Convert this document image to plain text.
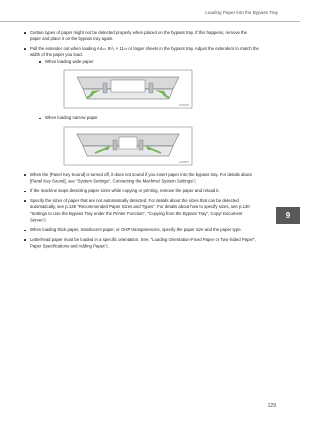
Loading Paper into the Bypass Tray
Certain types of paper might not be detected properly when placed on the bypass tray. If this happens, remove the paper and place it on the bypass tray again.
Pull the extender out when loading A4▱, 8¹/₂ × 11▱ or larger sheets in the bypass tray. Adjust the extenders to match the width of the paper you load.
When loading wide paper
CGH178
When loading narrow paper
CGH179
When the [Panel Key Sound] is turned off, it does not sound if you insert paper into the bypass tray. For details about [Panel Key Sound], see "System Settings", Connecting the Machine/ System Settings◫.
If the machine stops detecting paper sizes while copying or printing, remove the paper and reload it.
Specify the sizes of paper that are not automatically detected. For details about the sizes that can be detected automatically, see p.135 "Recommended Paper Sizes and Types". For details about how to specify sizes, see p.130 "Settings to Use the Bypass Tray under the Printer Function", "Copying from the Bypass Tray", Copy/ Document Server◫.
When loading thick paper, translucent paper, or OHP transparencies, specify the paper size and the paper type.
Letterhead paper must be loaded in a specific orientation. See, "Loading Orientation-Fixed Paper or Two-Sided Paper", Paper Specifications and Adding Paper◫.
9
129
